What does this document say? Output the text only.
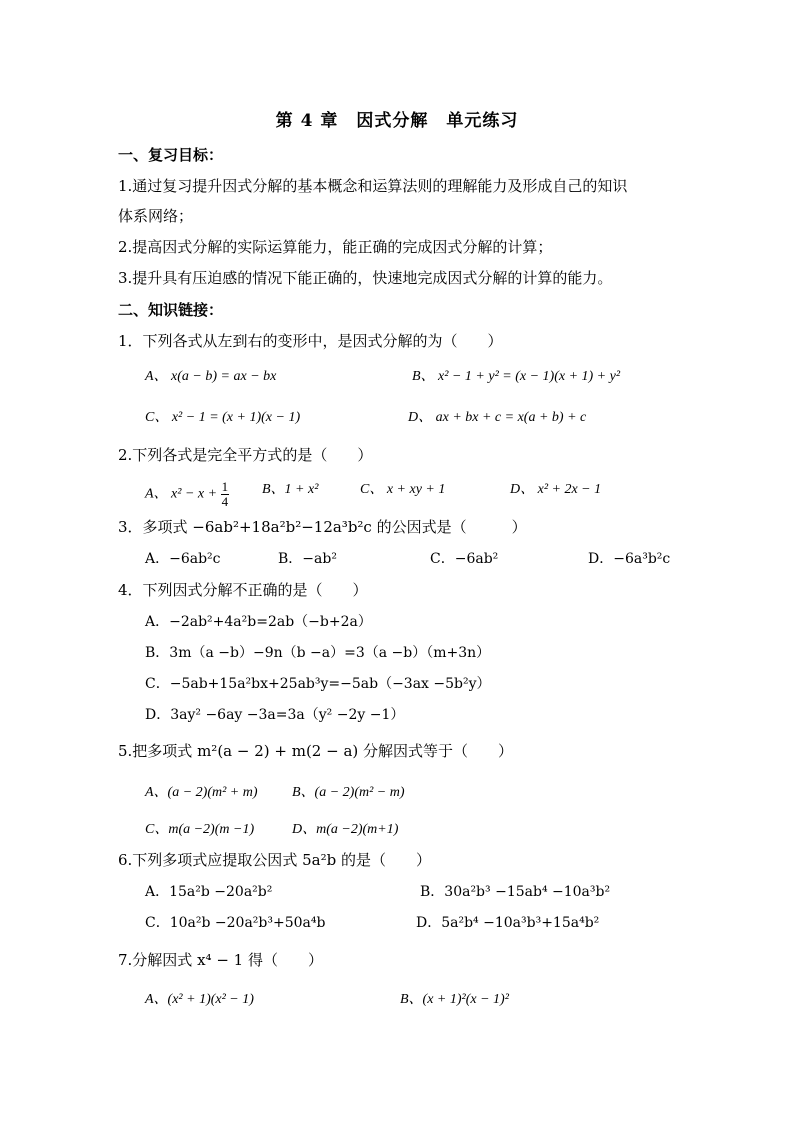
第 4 章　因式分解　单元练习
一、复习目标：
1.通过复习提升因式分解的基本概念和运算法则的理解能力及形成自己的知识
体系网络；
2.提高因式分解的实际运算能力，能正确的完成因式分解的计算；
3.提升具有压迫感的情况下能正确的，快速地完成因式分解的计算的能力。
二、知识链接：
1．下列各式从左到右的变形中，是因式分解的为（　　）
A、 x(a − b) = ax − bx	B、 x² − 1 + y² = (x − 1)(x + 1) + y²
C、 x² − 1 = (x + 1)(x − 1)	D、 ax + bx + c = x(a + b) + c
2.下列各式是完全平方式的是（　　）
A、 $x^2 - x + \frac{1}{4}$ B、1 + x²	C、 x + xy + 1	D、 x² + 2x − 1
3．多项式 −6ab²+18a²b²−12a³b²c 的公因式是（　　　）
A．−6ab²c	B．−ab²	C．−6ab²	D．−6a³b²c
4．下列因式分解不正确的是（　　）
A．−2ab²+4a²b=2ab（−b+2a）
B．3m（a −b）−9n（b −a）=3（a −b）（m+3n）
C．−5ab+15a²bx+25ab³y=−5ab（−3ax −5b²y）
D．3ay² −6ay −3a=3a（y² −2y −1）
5.把多项式 m²(a − 2) + m(2 − a) 分解因式等于（　　）
A、(a − 2)(m² + m) B、(a − 2)(m² − m)
C、m(a −2)(m −1)	D、m(a −2)(m+1)
6.下列多项式应提取公因式 5a²b 的是（　　）
A．15a²b −20a²b²	B．30a²b³ −15ab⁴ −10a³b²
C．10a²b −20a²b³+50a⁴b	D．5a²b⁴ −10a³b³+15a⁴b²
7.分解因式 x⁴ − 1 得（　　）
A、(x² + 1)(x² − 1)	B、(x + 1)²(x − 1)²
